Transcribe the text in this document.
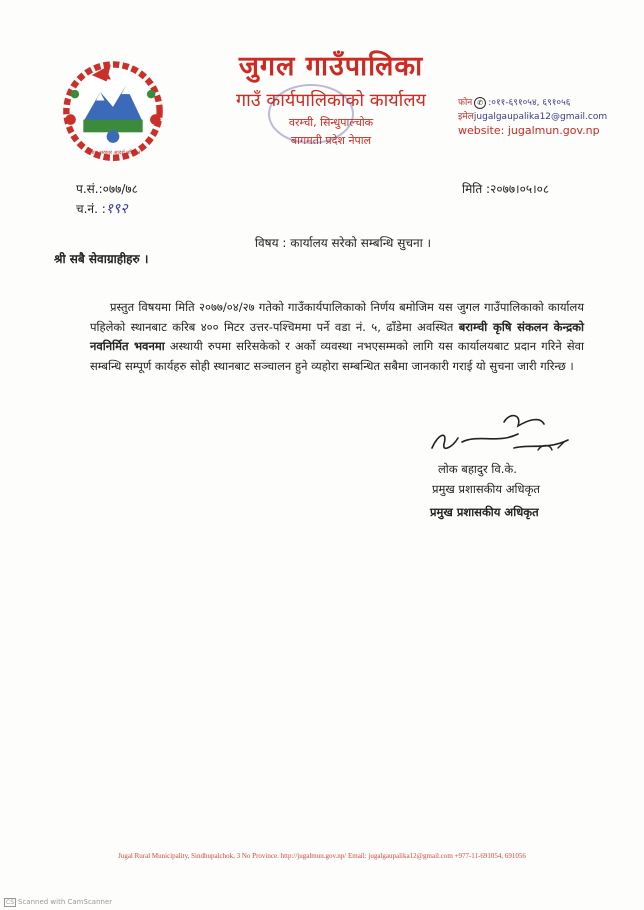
नेपाल सरकार आदर्श प्रतिष्ठान
जुगल गाउँपालिका
गाउँ कार्यपालिकाको कार्यालय
वरम्ची, सिन्धुपाल्चोक
बागमती प्रदेश नेपाल
फोन ✆ :०११-६९१०५४, ६९१०५६
इमेलjugalgaupalika12@gmail.com
website: jugalmun.gov.np
प.सं.:०७७/७८
च.नं. :१९२
मिति :२०७७।०५।०८
विषय : कार्यालय सरेको सम्बन्धि सुचना ।
श्री सबै सेवाग्राहीहरु ।
प्रस्तुत विषयमा मिति २०७७/०४/२७ गतेको गाउँकार्यपालिकाको निर्णय बमोजिम यस जुगल गाउँपालिकाको कार्यालय पहिलेको स्थानबाट करिब ४०० मिटर उत्तर-पश्चिममा पर्ने वडा नं. ५, ढाँडेमा अवस्थित बराम्ची कृषि संकलन केन्द्रको नवनिर्मित भवनमा अस्थायी रुपमा सरिसकेको र अर्को व्यवस्था नभएसम्मको लागि यस कार्यालयबाट प्रदान गरिने सेवा सम्बन्धि सम्पूर्ण कार्यहरु सोही स्थानबाट सञ्चालन हुने व्यहोरा सम्बन्धित सबैमा जानकारी गराई यो सुचना जारी गरिन्छ ।
लोक बहादुर वि.के.
प्रमुख प्रशासकीय अधिकृत
प्रमुख प्रशासकीय अधिकृत
Jugal Rural Municipality, Sindhupalchok, 3 No Province. http://jugalmun.gov.np/ Email: jugalgaupalika12@gmail.com +977-11-691054, 691056
CS Scanned with CamScanner
